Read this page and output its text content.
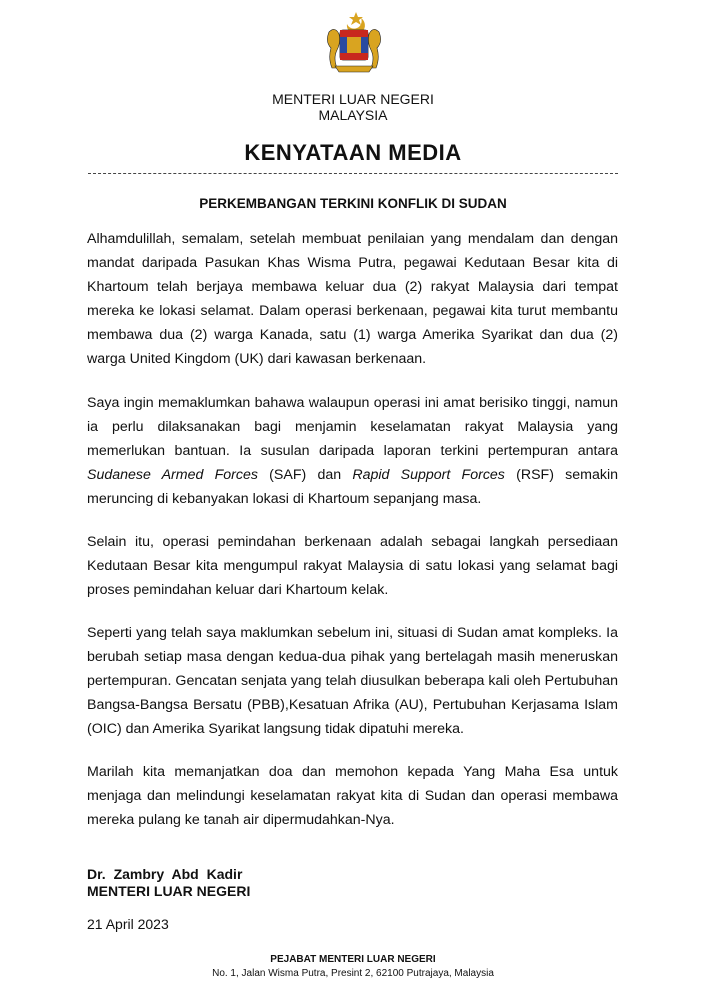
MENTERI LUAR NEGERI
MALAYSIA
KENYATAAN MEDIA
PERKEMBANGAN TERKINI KONFLIK DI SUDAN
Alhamdulillah, semalam, setelah membuat penilaian yang mendalam dan dengan mandat daripada Pasukan Khas Wisma Putra, pegawai Kedutaan Besar kita di Khartoum telah berjaya membawa keluar dua (2) rakyat Malaysia dari tempat mereka ke lokasi selamat. Dalam operasi berkenaan, pegawai kita turut membantu membawa dua (2) warga Kanada, satu (1) warga Amerika Syarikat dan dua (2) warga United Kingdom (UK) dari kawasan berkenaan.
Saya ingin memaklumkan bahawa walaupun operasi ini amat berisiko tinggi, namun ia perlu dilaksanakan bagi menjamin keselamatan rakyat Malaysia yang memerlukan bantuan. Ia susulan daripada laporan terkini pertempuran antara Sudanese Armed Forces (SAF) dan Rapid Support Forces (RSF) semakin meruncing di kebanyakan lokasi di Khartoum sepanjang masa.
Selain itu, operasi pemindahan berkenaan adalah sebagai langkah persediaan Kedutaan Besar kita mengumpul rakyat Malaysia di satu lokasi yang selamat bagi proses pemindahan keluar dari Khartoum kelak.
Seperti yang telah saya maklumkan sebelum ini, situasi di Sudan amat kompleks. Ia berubah setiap masa dengan kedua-dua pihak yang bertelagah masih meneruskan pertempuran. Gencatan senjata yang telah diusulkan beberapa kali oleh Pertubuhan Bangsa-Bangsa Bersatu (PBB),Kesatuan Afrika (AU), Pertubuhan Kerjasama Islam (OIC) dan Amerika Syarikat langsung tidak dipatuhi mereka.
Marilah kita memanjatkan doa dan memohon kepada Yang Maha Esa untuk menjaga dan melindungi keselamatan rakyat kita di Sudan dan operasi membawa mereka pulang ke tanah air dipermudahkan-Nya.
Dr. Zambry Abd Kadir
MENTERI LUAR NEGERI
21 April 2023
PEJABAT MENTERI LUAR NEGERI
No. 1, Jalan Wisma Putra, Presint 2, 62100 Putrajaya, Malaysia
